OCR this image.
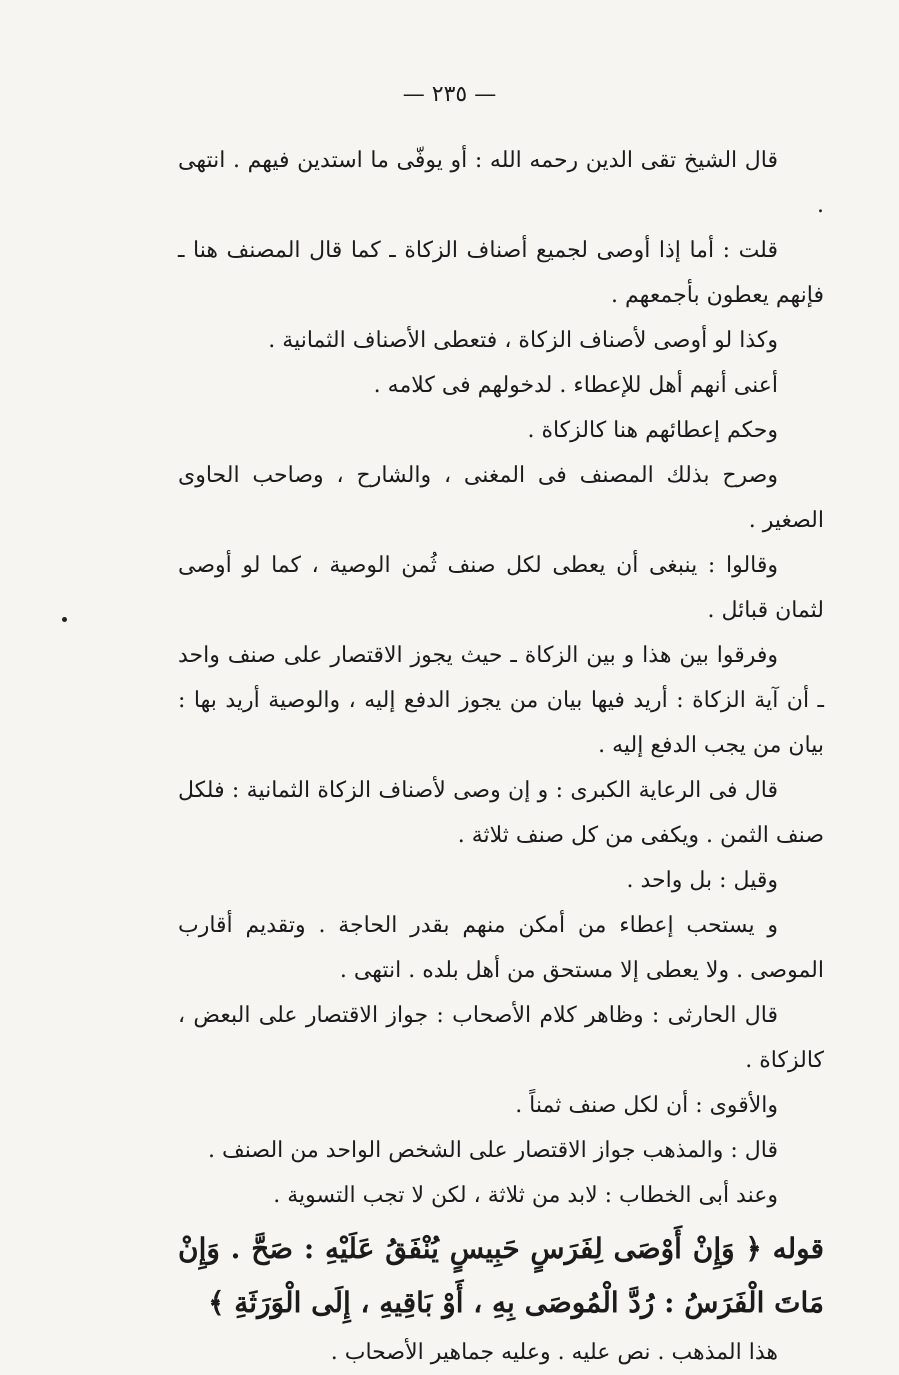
— ٢٣٥ —

قال الشيخ تقى الدين رحمه الله : أو يوفّى ما استدين فيهم . انتهى .

قلت : أما إذا أوصى لجميع أصناف الزكاة ـ كما قال المصنف هنا ـ فإنهم يعطون بأجمعهم .

وكذا لو أوصى لأصناف الزكاة ، فتعطى الأصناف الثمانية .

أعنى أنهم أهل للإعطاء . لدخولهم فى كلامه .

وحكم إعطائهم هنا كالزكاة .

وصرح بذلك المصنف فى المغنى ، والشارح ، وصاحب الحاوى الصغير .

وقالوا : ينبغى أن يعطى لكل صنف ثُمن الوصية ، كما لو أوصى لثمان قبائل .

وفرقوا بين هذا و بين الزكاة ـ حيث يجوز الاقتصار على صنف واحد ـ أن آية الزكاة : أريد فيها بيان من يجوز الدفع إليه ، والوصية أريد بها : بيان من يجب الدفع إليه .

قال فى الرعاية الكبرى : و إن وصى لأصناف الزكاة الثمانية : فلكل صنف الثمن . ويكفى من كل صنف ثلاثة .

وقيل : بل واحد .

و يستحب إعطاء من أمكن منهم بقدر الحاجة . وتقديم أقارب الموصى . ولا يعطى إلا مستحق من أهل بلده . انتهى .

قال الحارثى : وظاهر كلام الأصحاب : جواز الاقتصار على البعض ، كالزكاة .

والأقوى : أن لكل صنف ثمناً .

قال : والمذهب جواز الاقتصار على الشخص الواحد من الصنف .

وعند أبى الخطاب : لابد من ثلاثة ، لكن لا تجب التسوية .

قوله ﴿ وَإِنْ أَوْصَى لِفَرَسٍ حَبِيسٍ يُنْفَقُ عَلَيْهِ : صَحَّ . وَإِنْ مَاتَ الْفَرَسُ : رُدَّ الْمُوصَى بِهِ ، أَوْ بَاقِيهِ ، إِلَى الْوَرَثَةِ ﴾

هذا المذهب . نص عليه . وعليه جماهير الأصحاب .
